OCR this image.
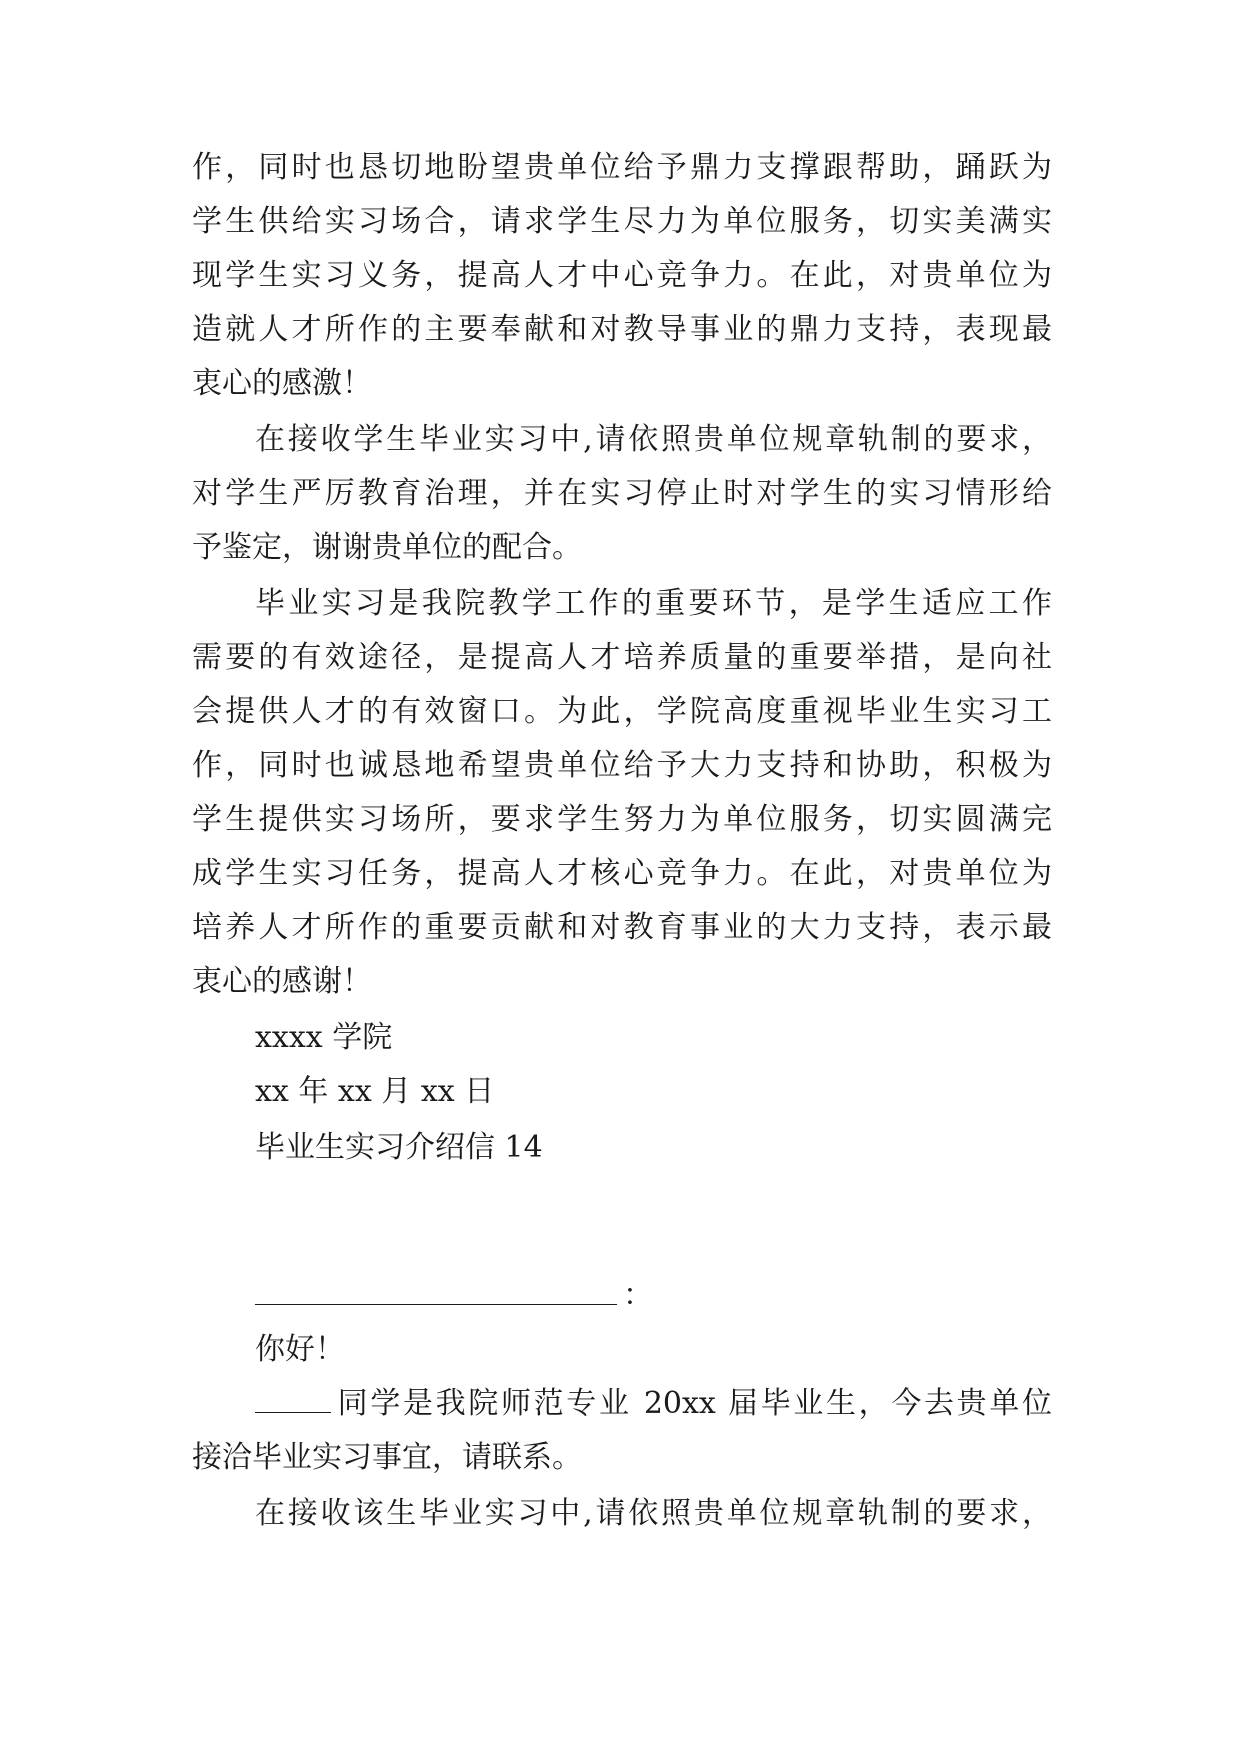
作，同时也恳切地盼望贵单位给予鼎力支撑跟帮助，踊跃为
学生供给实习场合，请求学生尽力为单位服务，切实美满实
现学生实习义务，提高人才中心竞争力。在此，对贵单位为
造就人才所作的主要奉献和对教导事业的鼎力支持，表现最
衷心的感激！
在接收学生毕业实习中,请依照贵单位规章轨制的要求，
对学生严厉教育治理，并在实习停止时对学生的实习情形给
予鉴定，谢谢贵单位的配合。
毕业实习是我院教学工作的重要环节，是学生适应工作
需要的有效途径，是提高人才培养质量的重要举措，是向社
会提供人才的有效窗口。为此，学院高度重视毕业生实习工
作，同时也诚恳地希望贵单位给予大力支持和协助，积极为
学生提供实习场所，要求学生努力为单位服务，切实圆满完
成学生实习任务，提高人才核心竞争力。在此，对贵单位为
培养人才所作的重要贡献和对教育事业的大力支持，表示最
衷心的感谢！
xxxx 学院
xx 年 xx 月 xx 日
毕业生实习介绍信 14
：
你好！
同学是我院师范专业 20xx 届毕业生，今去贵单位
接洽毕业实习事宜，请联系。
在接收该生毕业实习中,请依照贵单位规章轨制的要求，
